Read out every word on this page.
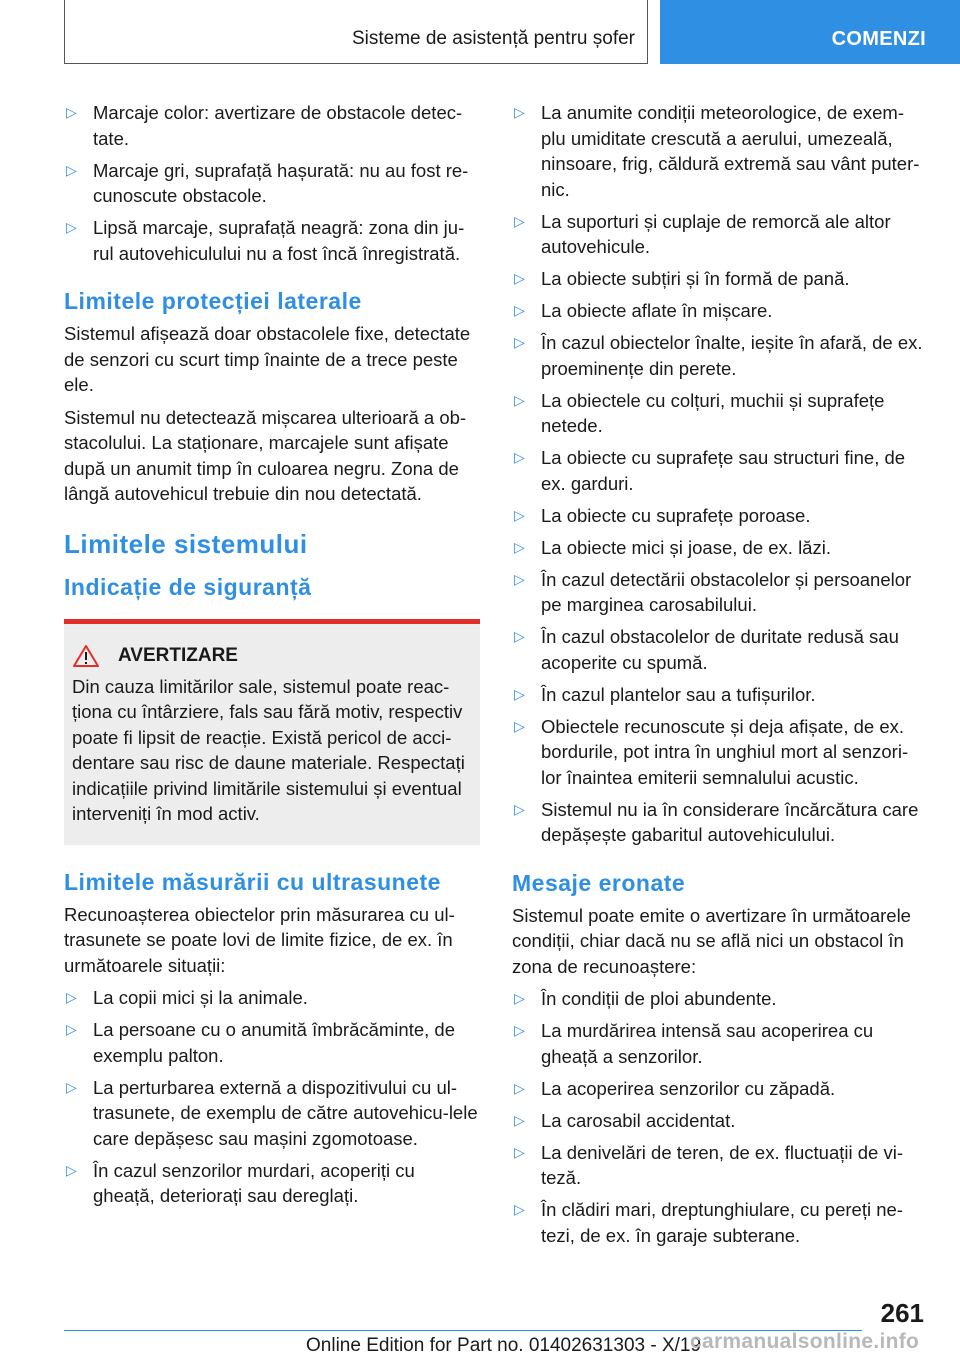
Sisteme de asistență pentru șofer	COMENZI
▷ Marcaje color: avertizare de obstacole detec-tate.
▷ Marcaje gri, suprafață hașurată: nu au fost re-cunoscute obstacole.
▷ Lipsă marcaje, suprafață neagră: zona din ju-rul autovehiculului nu a fost încă înregistrată.
Limitele protecției laterale

Sistemul afișează doar obstacolele fixe, detectate de senzori cu scurt timp înainte de a trece peste ele.

Sistemul nu detectează mișcarea ulterioară a ob-stacolului. La staționare, marcajele sunt afișate după un anumit timp în culoarea negru. Zona de lângă autovehicul trebuie din nou detectată.

Limitele sistemului
Indicație de siguranță
AVERTIZARE

Din cauza limitărilor sale, sistemul poate reac-ționa cu întârziere, fals sau fără motiv, respectiv poate fi lipsit de reacție. Există pericol de acci-dentare sau risc de daune materiale. Respectați indicațiile privind limitările sistemului și eventual interveniți în mod activ.

Limitele măsurării cu ultrasunete

Recunoașterea obiectelor prin măsurarea cu ul-trasunete se poate lovi de limite fizice, de ex. în următoarele situații:

▷ La copii mici și la animale.
▷ La persoane cu o anumită îmbrăcăminte, de exemplu palton.
▷ La perturbarea externă a dispozitivului cu ul-trasunete, de exemplu de către autovehicu-lele care depășesc sau mașini zgomotoase.
▷ În cazul senzorilor murdari, acoperiți cu gheață, deteriorați sau dereglați.
▷ La anumite condiții meteorologice, de exem-plu umiditate crescută a aerului, umezeală, ninsoare, frig, căldură extremă sau vânt puter-nic.
▷ La suporturi și cuplaje de remorcă ale altor autovehicule.
▷ La obiecte subțiri și în formă de pană.
▷ La obiecte aflate în mișcare.
▷ În cazul obiectelor înalte, ieșite în afară, de ex. proeminențe din perete.
▷ La obiectele cu colțuri, muchii și suprafețe netede.
▷ La obiecte cu suprafețe sau structuri fine, de ex. garduri.
▷ La obiecte cu suprafețe poroase.
▷ La obiecte mici și joase, de ex. lăzi.
▷ În cazul detectării obstacolelor și persoanelor pe marginea carosabilului.
▷ În cazul obstacolelor de duritate redusă sau acoperite cu spumă.
▷ În cazul plantelor sau a tufișurilor.
▷ Obiectele recunoscute și deja afișate, de ex. bordurile, pot intra în unghiul mort al senzori-lor înaintea emiterii semnalului acustic.
▷ Sistemul nu ia în considerare încărcătura care depășește gabaritul autovehiculului.
Mesaje eronate

Sistemul poate emite o avertizare în următoarele condiții, chiar dacă nu se află nici un obstacol în zona de recunoaștere:

▷ În condiții de ploi abundente.
▷ La murdărirea intensă sau acoperirea cu gheață a senzorilor.
▷ La acoperirea senzorilor cu zăpadă.
▷ La carosabil accidentat.
▷ La denivelări de teren, de ex. fluctuații de vi-teză.
▷ În clădiri mari, dreptunghiulare, cu pereți ne-tezi, de ex. în garaje subterane.
261
Online Edition for Part no. 01402631303 - X/19
carmanualsonline.info
